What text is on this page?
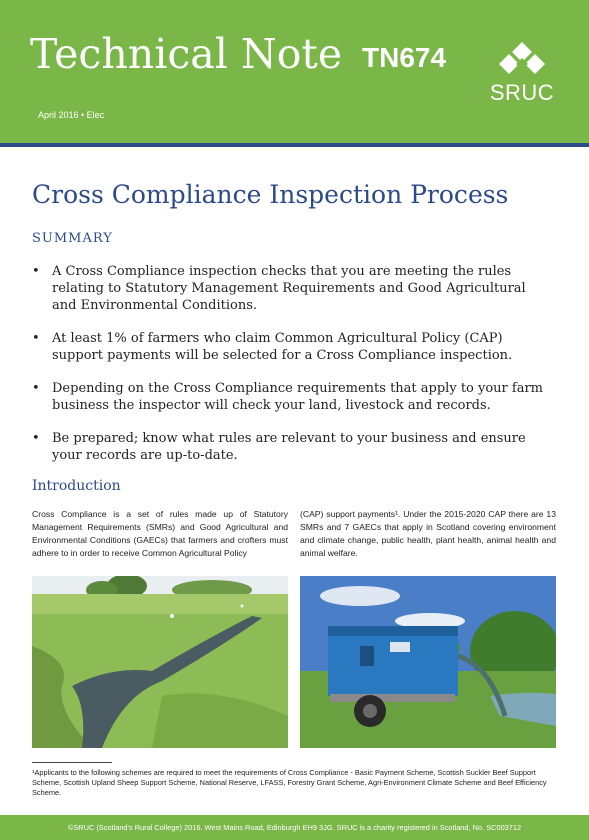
Technical Note TN674
April 2016 • Elec
SRUC
Cross Compliance Inspection Process
SUMMARY
• A Cross Compliance inspection checks that you are meeting the rules relating to Statutory Management Requirements and Good Agricultural and Environmental Conditions.
• At least 1% of farmers who claim Common Agricultural Policy (CAP) support payments will be selected for a Cross Compliance inspection.
• Depending on the Cross Compliance requirements that apply to your farm business the inspector will check your land, livestock and records.
• Be prepared; know what rules are relevant to your business and ensure your records are up-to-date.
Introduction
Cross Compliance is a set of rules made up of Statutory Management Requirements (SMRs) and Good Agricultural and Environmental Conditions (GAECs) that farmers and crofters must adhere to in order to receive Common Agricultural Policy
(CAP) support payments¹. Under the 2015-2020 CAP there are 13 SMRs and 7 GAECs that apply in Scotland covering environment and climate change, public health, plant health, animal health and animal welfare.
¹Applicants to the following schemes are required to meet the requirements of Cross Compliance - Basic Payment Scheme, Scottish Suckler Beef Support Scheme, Scottish Upland Sheep Support Scheme, National Reserve, LFASS, Forestry Grant Scheme, Agri-Environment Climate Scheme and Beef Efficiency Scheme.
©SRUC (Scotland's Rural College) 2016. West Mains Road, Edinburgh EH9 3JG. SRUC is a charity registered in Scotland, No. SC003712
